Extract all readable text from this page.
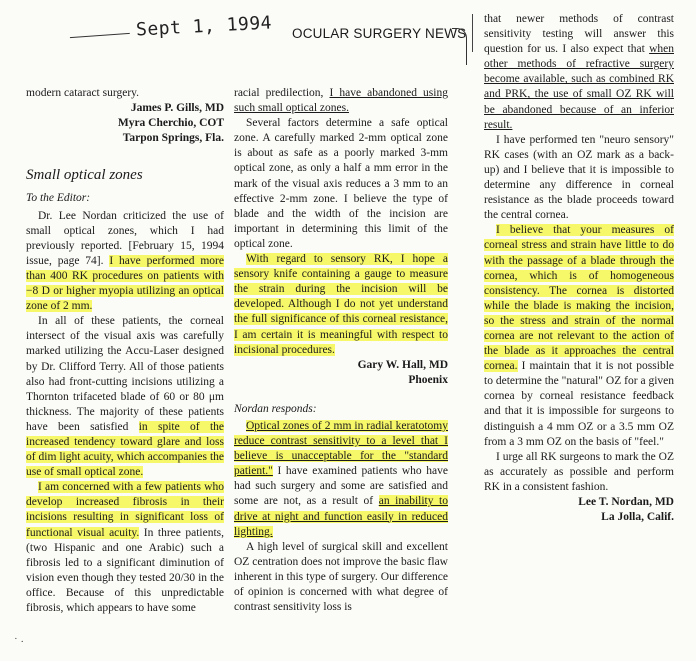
Sept 1, 1994 OCULAR SURGERY NEWS

modern cataract surgery.

James P. Gills, MD

Myra Cherchio, COT

Tarpon Springs, Fla.

Small optical zones

To the Editor:

Dr. Lee Nordan criticized the use of small optical zones, which I had previously reported. [February 15, 1994 issue, page 74]. I have performed more than 400 RK procedures on patients with −8 D or higher myopia utilizing an optical zone of 2 mm.

In all of these patients, the corneal intersect of the visual axis was carefully marked utilizing the Accu-Laser designed by Dr. Clifford Terry. All of those patients also had front-cutting incisions utilizing a Thornton trifaceted blade of 60 or 80 μm thickness. The majority of these patients have been satisfied in spite of the increased tendency toward glare and loss of dim light acuity, which accompanies the use of small optical zone.

I am concerned with a few patients who develop increased fibrosis in their incisions resulting in significant loss of functional visual acuity. In three patients, (two Hispanic and one Arabic) such a fibrosis led to a significant diminution of vision even though they tested 20/30 in the office. Because of this unpredictable fibrosis, which appears to have some

racial predilection, I have abandoned using such small optical zones.

Several factors determine a safe optical zone. A carefully marked 2-mm optical zone is about as safe as a poorly marked 3-mm optical zone, as only a half a mm error in the mark of the visual axis reduces a 3 mm to an effective 2-mm zone. I believe the type of blade and the width of the incision are important in determining this limit of the optical zone.

With regard to sensory RK, I hope a sensory knife containing a gauge to measure the strain during the incision will be developed. Although I do not yet understand the full significance of this corneal resistance, I am certain it is meaningful with respect to incisional procedures.

Gary W. Hall, MD

Phoenix

Nordan responds:

Optical zones of 2 mm in radial keratotomy reduce contrast sensitivity to a level that I believe is unacceptable for the "standard patient." I have examined patients who have had such surgery and some are satisfied and some are not, as a result of an inability to drive at night and function easily in reduced lighting.

A high level of surgical skill and excellent OZ centration does not improve the basic flaw inherent in this type of surgery. Our difference of opinion is concerned with what degree of contrast sensitivity loss is

that newer methods of contrast sensitivity testing will answer this question for us. I also expect that when other methods of refractive surgery become available, such as combined RK and PRK, the use of small OZ RK will be abandoned because of an inferior result.

I have performed ten "neuro sensory" RK cases (with an OZ mark as a back-up) and I believe that it is impossible to determine any difference in corneal resistance as the blade proceeds toward the central cornea.

I believe that your measures of corneal stress and strain have little to do with the passage of a blade through the cornea, which is of homogeneous consistency. The cornea is distorted while the blade is making the incision, so the stress and strain of the normal cornea are not relevant to the action of the blade as it approaches the central cornea. I maintain that it is not possible to determine the "natural" OZ for a given cornea by corneal resistance feedback and that it is impossible for surgeons to distinguish a 4 mm OZ or a 3.5 mm OZ from a 3 mm OZ on the basis of "feel."

I urge all RK surgeons to mark the OZ as accurately as possible and perform RK in a consistent fashion.

Lee T. Nordan, MD

La Jolla, Calif.

˙ ·
